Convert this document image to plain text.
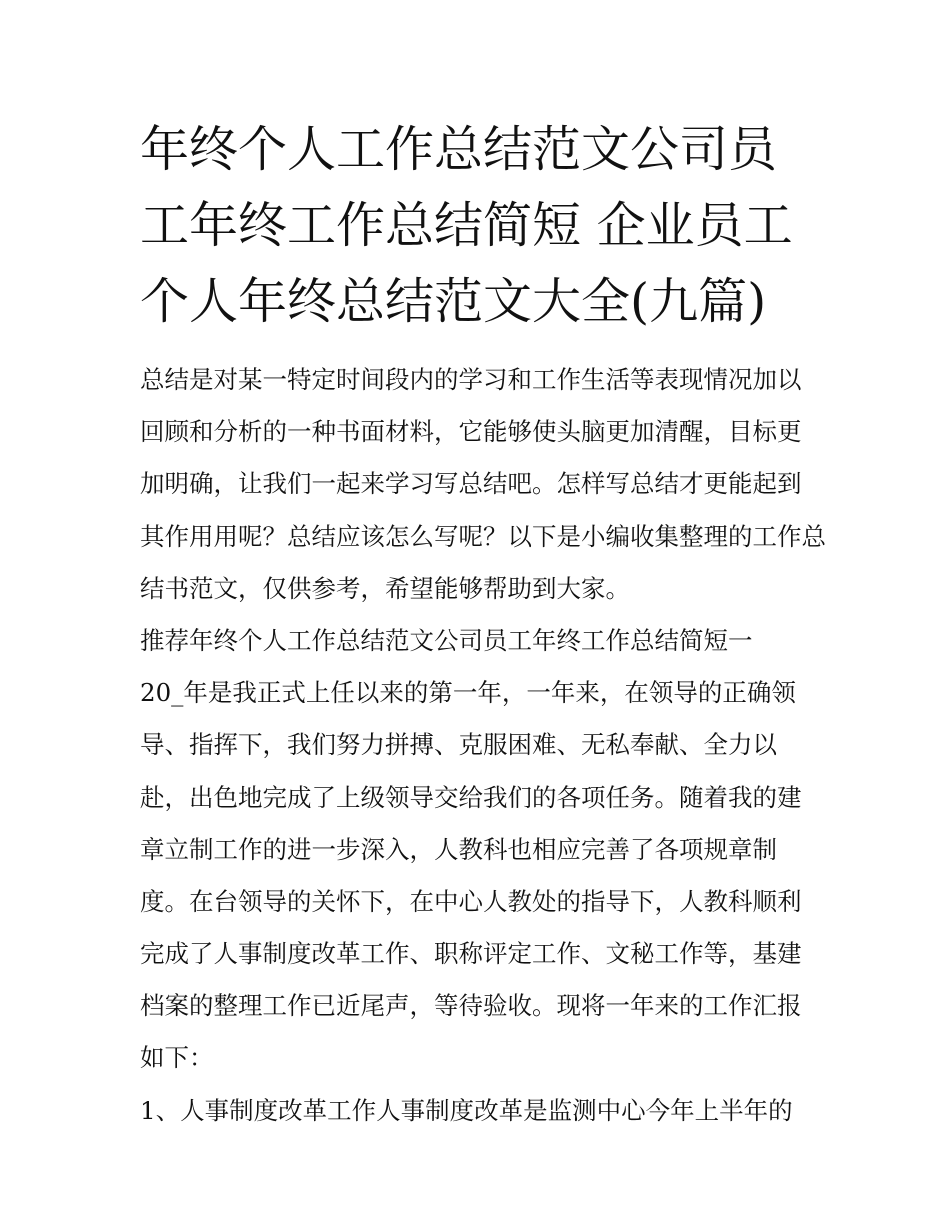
年终个人工作总结范文公司员
工年终工作总结简短 企业员工
个人年终总结范文大全(九篇)
总结是对某一特定时间段内的学习和工作生活等表现情况加以
回顾和分析的一种书面材料，它能够使头脑更加清醒，目标更
加明确，让我们一起来学习写总结吧。怎样写总结才更能起到
其作用用呢？总结应该怎么写呢？以下是小编收集整理的工作总
结书范文，仅供参考，希望能够帮助到大家。
推荐年终个人工作总结范文公司员工年终工作总结简短一
20_年是我正式上任以来的第一年，一年来，在领导的正确领
导、指挥下，我们努力拼搏、克服困难、无私奉献、全力以
赴，出色地完成了上级领导交给我们的各项任务。随着我的建
章立制工作的进一步深入，人教科也相应完善了各项规章制
度。在台领导的关怀下，在中心人教处的指导下，人教科顺利
完成了人事制度改革工作、职称评定工作、文秘工作等，基建
档案的整理工作已近尾声，等待验收。现将一年来的工作汇报
如下：
1、人事制度改革工作人事制度改革是监测中心今年上半年的
